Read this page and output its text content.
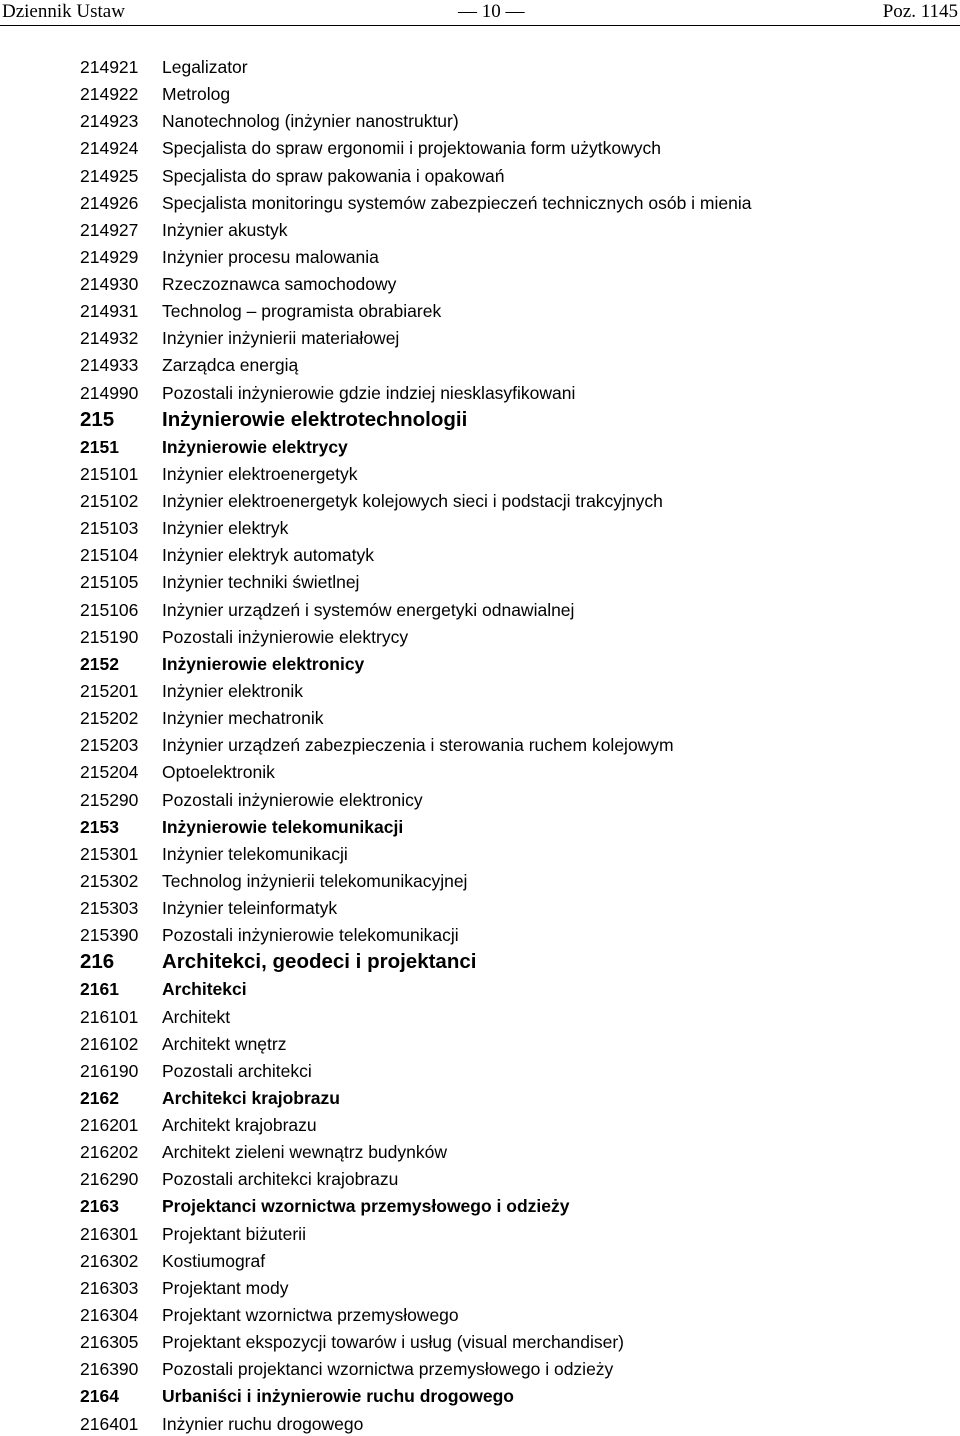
Dziennik Ustaw	— 10 —	Poz. 1145
214921 Legalizator
214922 Metrolog
214923 Nanotechnolog (inżynier nanostruktur)
214924 Specjalista do spraw ergonomii i projektowania form użytkowych
214925 Specjalista do spraw pakowania i opakowań
214926 Specjalista monitoringu systemów zabezpieczeń technicznych osób i mienia
214927 Inżynier akustyk
214929 Inżynier procesu malowania
214930 Rzeczoznawca samochodowy
214931 Technolog – programista obrabiarek
214932 Inżynier inżynierii materiałowej
214933 Zarządca energią
214990 Pozostali inżynierowie gdzie indziej niesklasyfikowani
215 Inżynierowie elektrotechnologii
2151 Inżynierowie elektrycy
215101 Inżynier elektroenergetyk
215102 Inżynier elektroenergetyk kolejowych sieci i podstacji trakcyjnych
215103 Inżynier elektryk
215104 Inżynier elektryk automatyk
215105 Inżynier techniki świetlnej
215106 Inżynier urządzeń i systemów energetyki odnawialnej
215190 Pozostali inżynierowie elektrycy
2152 Inżynierowie elektronicy
215201 Inżynier elektronik
215202 Inżynier mechatronik
215203 Inżynier urządzeń zabezpieczenia i sterowania ruchem kolejowym
215204 Optoelektronik
215290 Pozostali inżynierowie elektronicy
2153 Inżynierowie telekomunikacji
215301 Inżynier telekomunikacji
215302 Technolog inżynierii telekomunikacyjnej
215303 Inżynier teleinformatyk
215390 Pozostali inżynierowie telekomunikacji
216 Architekci, geodeci i projektanci
2161 Architekci
216101 Architekt
216102 Architekt wnętrz
216190 Pozostali architekci
2162 Architekci krajobrazu
216201 Architekt krajobrazu
216202 Architekt zieleni wewnątrz budynków
216290 Pozostali architekci krajobrazu
2163 Projektanci wzornictwa przemysłowego i odzieży
216301 Projektant biżuterii
216302 Kostiumograf
216303 Projektant mody
216304 Projektant wzornictwa przemysłowego
216305 Projektant ekspozycji towarów i usług (visual merchandiser)
216390 Pozostali projektanci wzornictwa przemysłowego i odzieży
2164 Urbaniści i inżynierowie ruchu drogowego
216401 Inżynier ruchu drogowego
